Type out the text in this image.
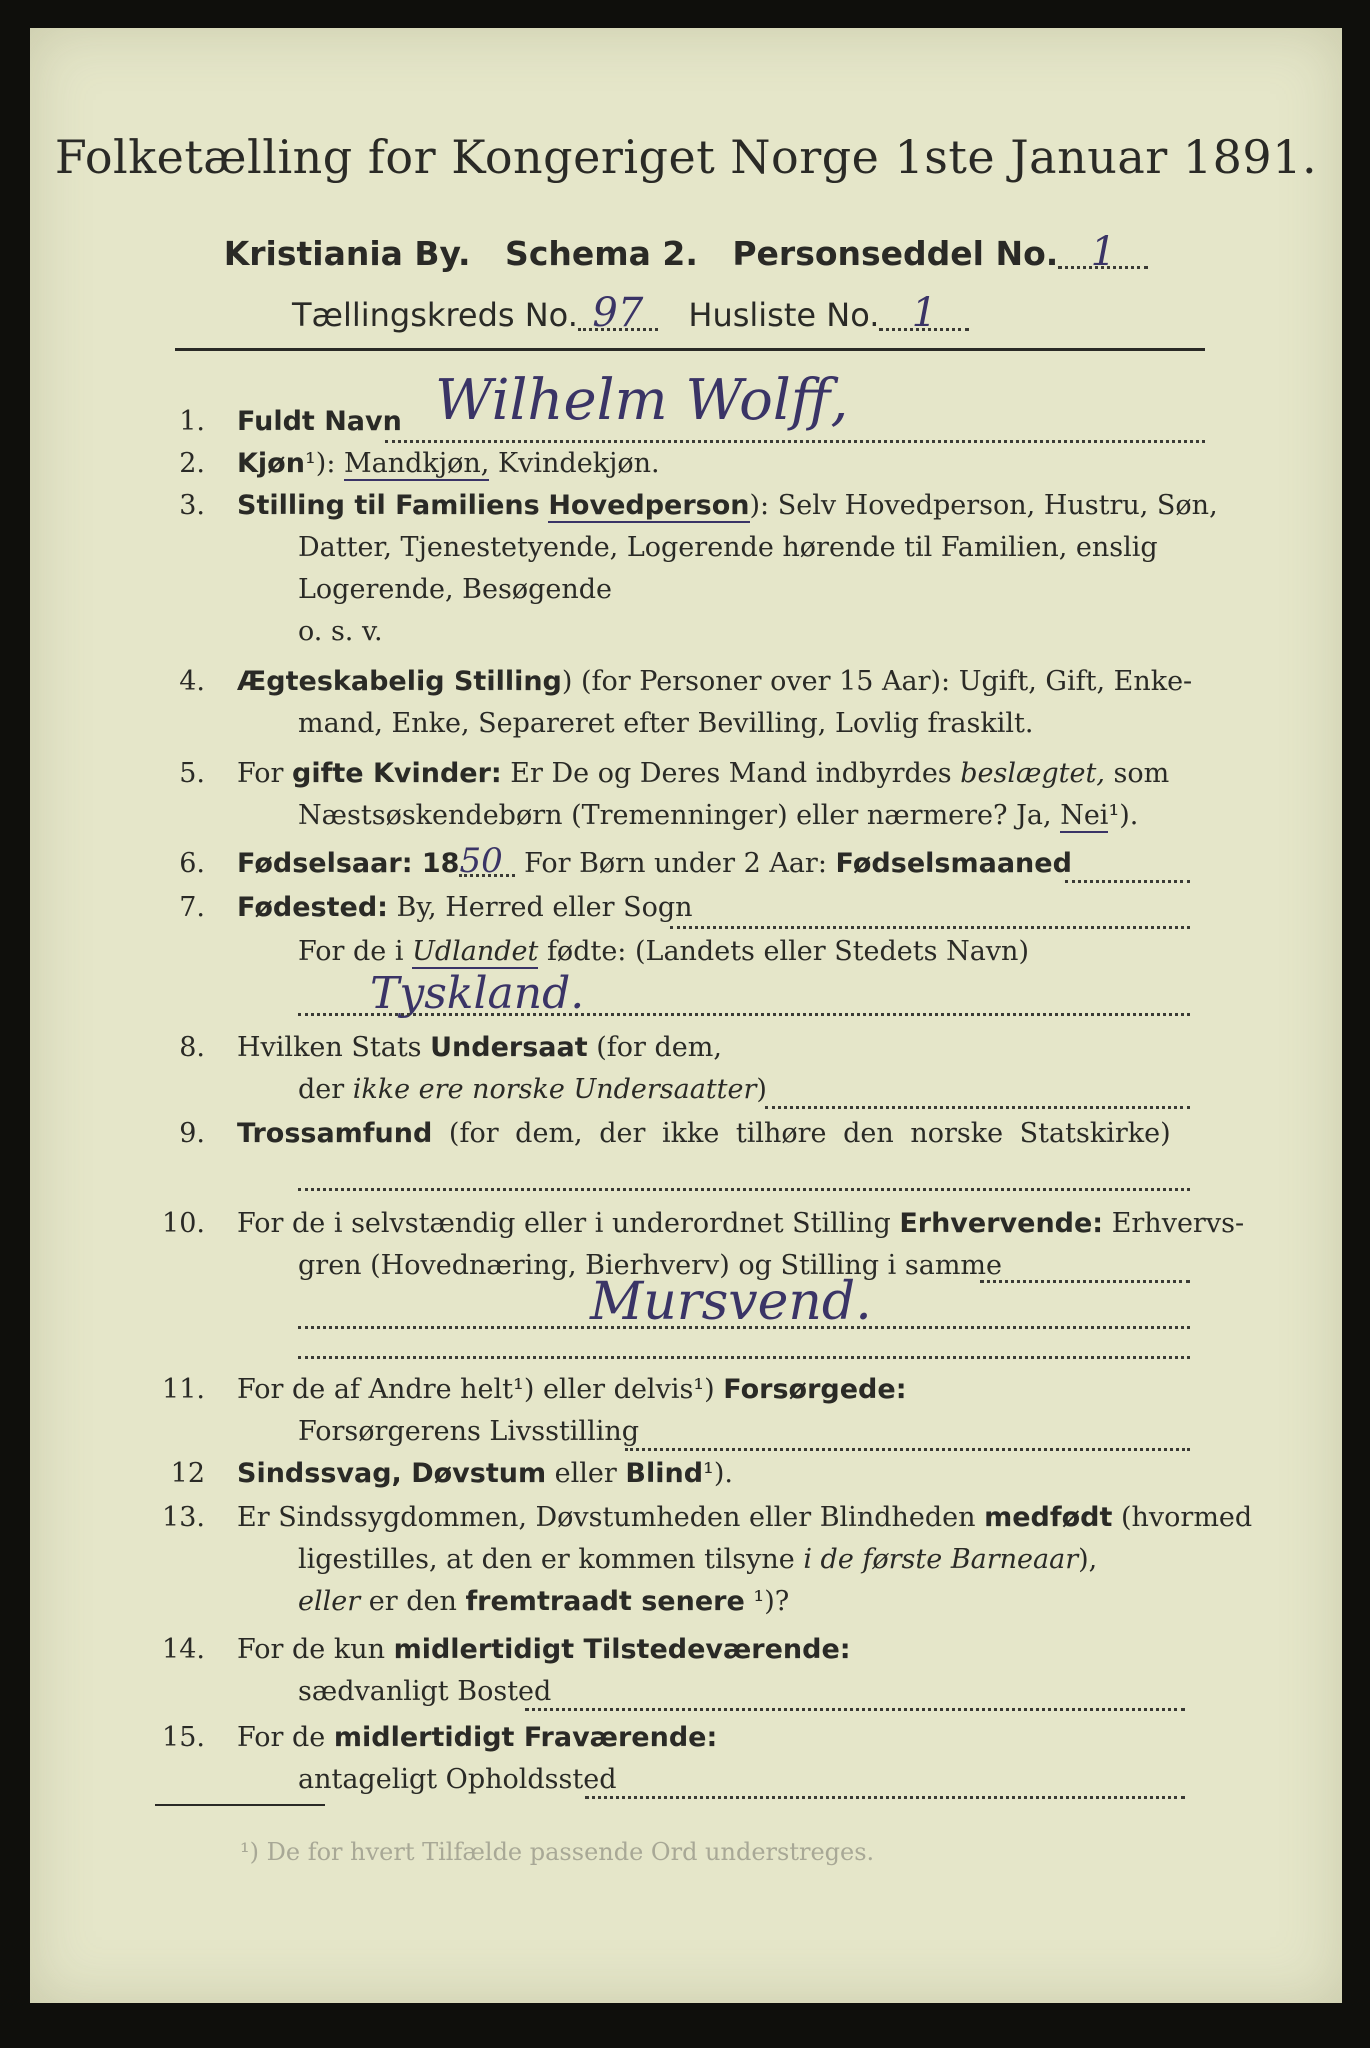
Folketælling for Kongeriget Norge 1ste Januar 1891.
Kristiania By. Schema 2. Personseddel No. 1
Tællingskreds No. 97 Husliste No. 1
1. Fuldt Navn Wilhelm Wolff,
2. Kjøn¹): Mandkjøn, Kvindekjøn.
3. Stilling til Familiens Hovedperson): Selv Hovedperson, Hustru, Søn,
Datter, Tjenestetyende, Logerende hørende til Familien, enslig
Logerende, Besøgende
o. s. v.
4. Ægteskabelig Stilling) (for Personer over 15 Aar): Ugift, Gift, Enke-
mand, Enke, Separeret efter Bevilling, Lovlig fraskilt.
5. For gifte Kvinder: Er De og Deres Mand indbyrdes beslægtet, som
Næstsøskendebørn (Tremenninger) eller nærmere? Ja, Nei¹).
6. Fødselsaar: 1850 For Børn under 2 Aar: Fødselsmaaned
7. Fødested: By, Herred eller Sogn
For de i Udlandet fødte: (Landets eller Stedets Navn)
Tyskland.
8. Hvilken Stats Undersaat (for dem,
der ikke ere norske Undersaatter)
9. Trossamfund (for dem, der ikke tilhøre den norske Statskirke)
10. For de i selvstændig eller i underordnet Stilling Erhvervende: Erhvervs-
gren (Hovednæring, Bierhverv) og Stilling i samme
Mursvend.
11. For de af Andre helt¹) eller delvis¹) Forsørgede:
Forsørgerens Livsstilling
12 Sindssvag, Døvstum eller Blind¹).
13. Er Sindssygdommen, Døvstumheden eller Blindheden medfødt (hvormed
ligestilles, at den er kommen tilsyne i de første Barneaar),
eller er den fremtraadt senere ¹)?
14. For de kun midlertidigt Tilstedeværende:
sædvanligt Bosted
15. For de midlertidigt Fraværende:
antageligt Opholdssted
¹) De for hvert Tilfælde passende Ord understreges.
